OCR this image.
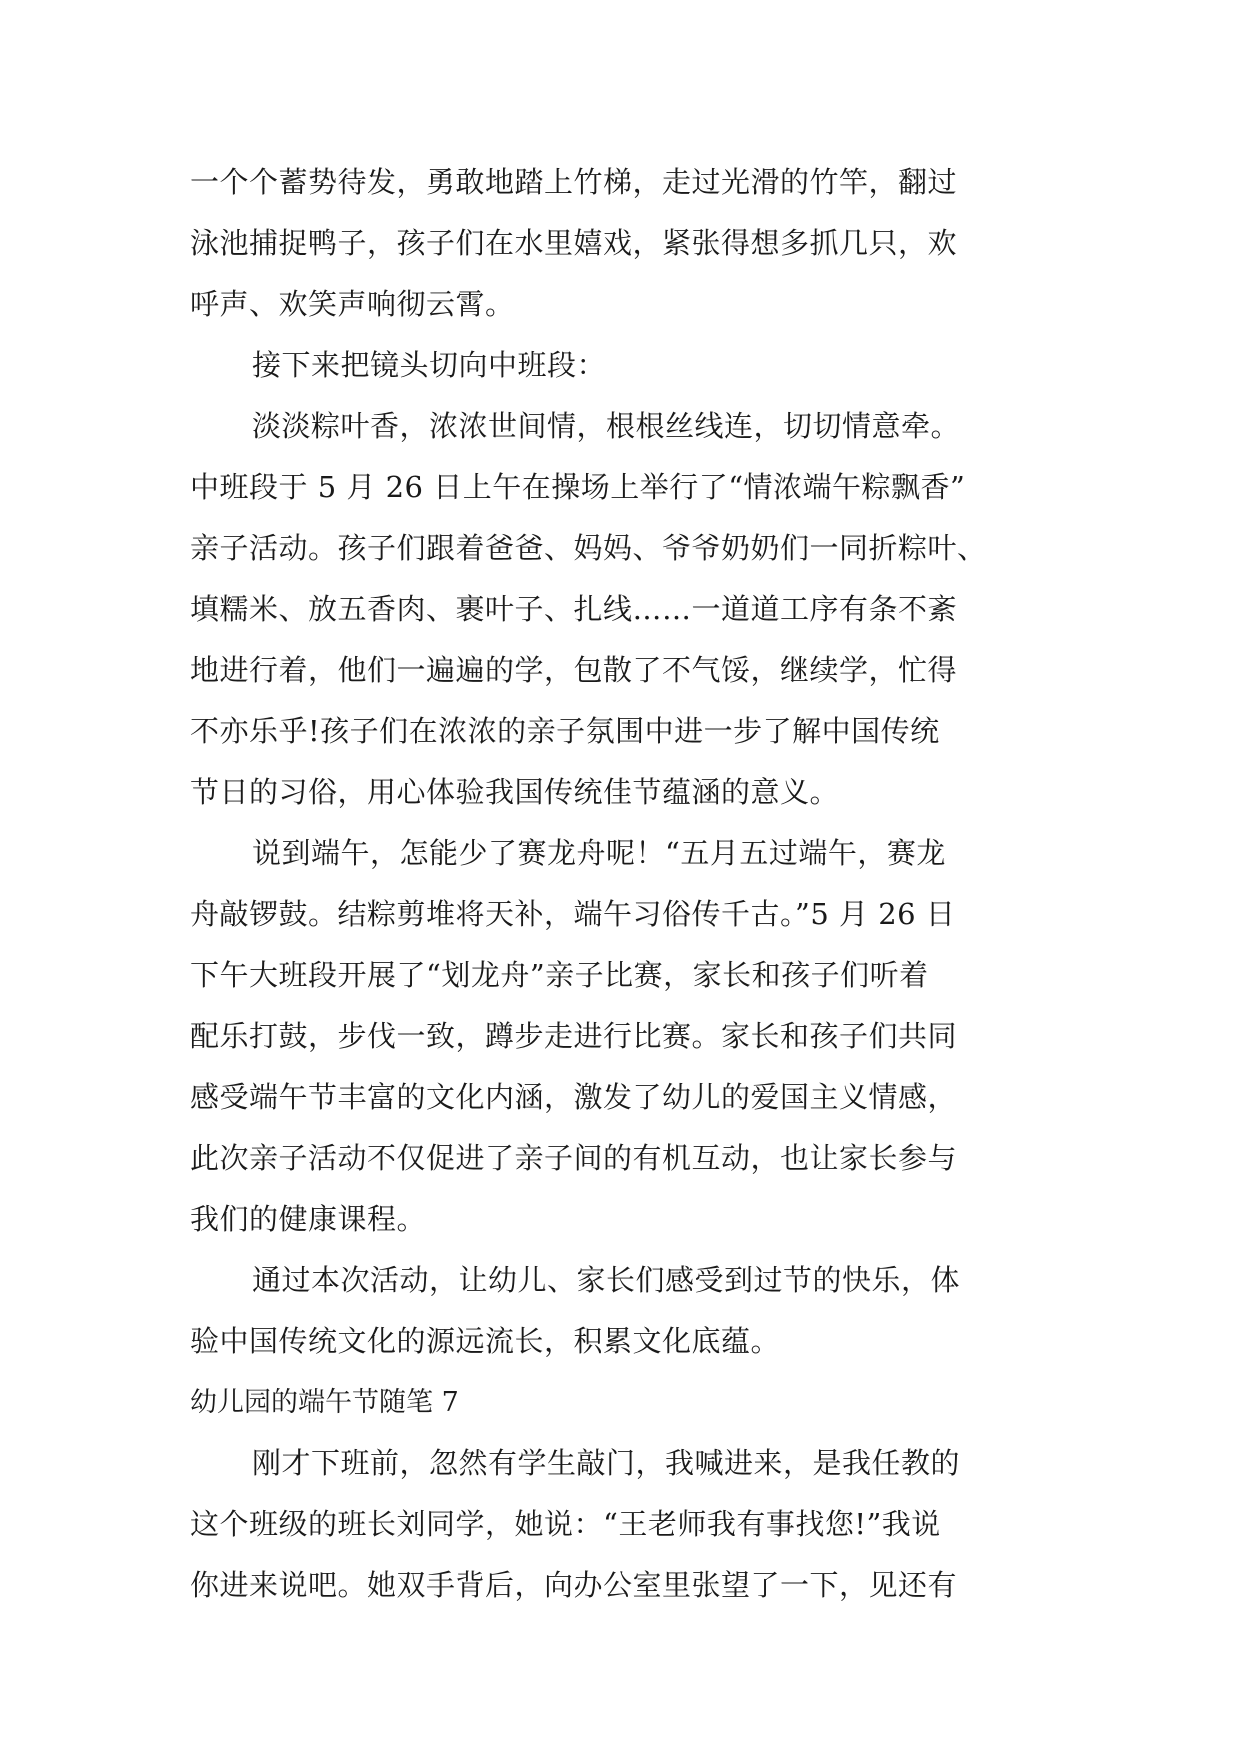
一个个蓄势待发，勇敢地踏上竹梯，走过光滑的竹竿，翻过
泳池捕捉鸭子，孩子们在水里嬉戏，紧张得想多抓几只，欢
呼声、欢笑声响彻云霄。
接下来把镜头切向中班段：
淡淡粽叶香，浓浓世间情，根根丝线连，切切情意牵。
中班段于 5 月 26 日上午在操场上举行了“情浓端午粽飘香”
亲子活动。孩子们跟着爸爸、妈妈、爷爷奶奶们一同折粽叶、
填糯米、放五香肉、裹叶子、扎线……一道道工序有条不紊
地进行着，他们一遍遍的学，包散了不气馁，继续学，忙得
不亦乐乎!孩子们在浓浓的亲子氛围中进一步了解中国传统
节日的习俗，用心体验我国传统佳节蕴涵的意义。
说到端午，怎能少了赛龙舟呢！“五月五过端午，赛龙
舟敲锣鼓。结粽剪堆将天补，端午习俗传千古。”5 月 26 日
下午大班段开展了“划龙舟”亲子比赛，家长和孩子们听着
配乐打鼓，步伐一致，蹲步走进行比赛。家长和孩子们共同
感受端午节丰富的文化内涵，激发了幼儿的爱国主义情感，
此次亲子活动不仅促进了亲子间的有机互动，也让家长参与
我们的健康课程。
通过本次活动，让幼儿、家长们感受到过节的快乐，体
验中国传统文化的源远流长，积累文化底蕴。
幼儿园的端午节随笔 7
刚才下班前，忽然有学生敲门，我喊进来，是我任教的
这个班级的班长刘同学，她说：“王老师我有事找您!”我说
你进来说吧。她双手背后，向办公室里张望了一下，见还有
